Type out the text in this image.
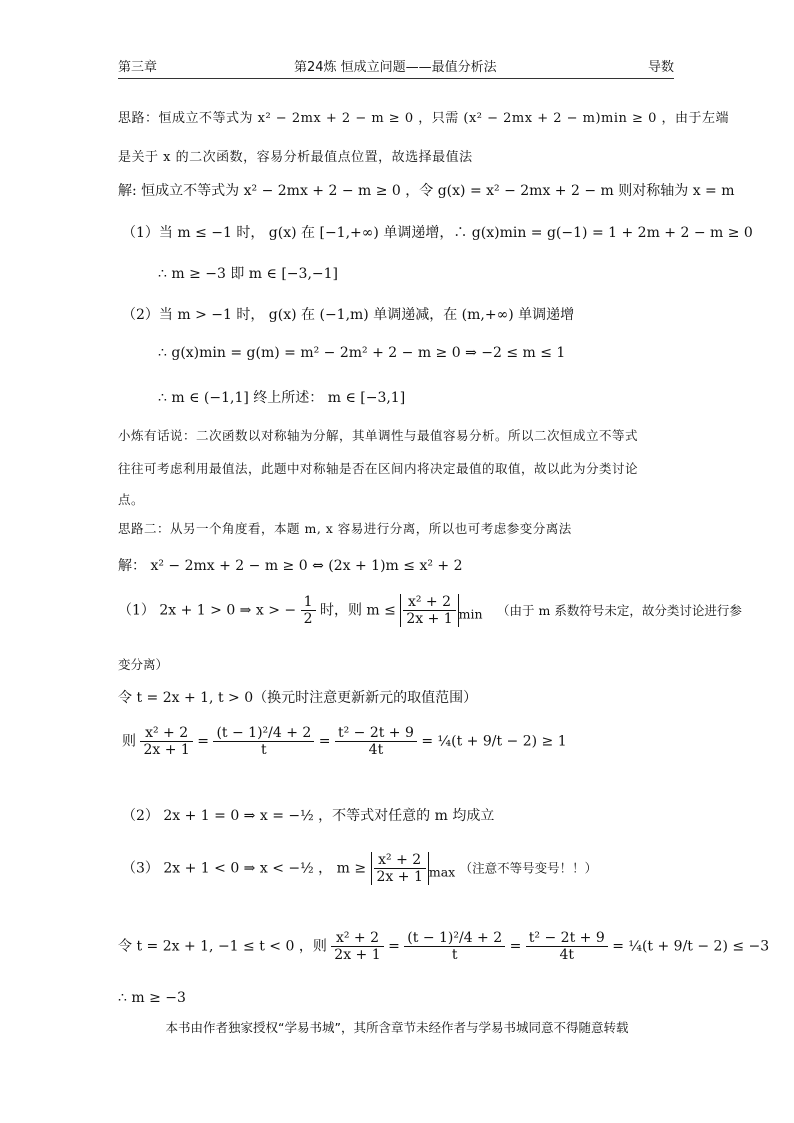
第三章	第24炼 恒成立问题——最值分析法	导数
思路：恒成立不等式为 x² − 2mx + 2 − m ≥ 0 ，只需 (x² − 2mx + 2 − m)min ≥ 0 ，由于左端
是关于 x 的二次函数，容易分析最值点位置，故选择最值法
解: 恒成立不等式为 x² − 2mx + 2 − m ≥ 0 ，令 g(x) = x² − 2mx + 2 − m 则对称轴为 x = m
（1）当 m ≤ −1 时， g(x) 在 [−1,+∞) 单调递增，∴ g(x)min = g(−1) = 1 + 2m + 2 − m ≥ 0
∴ m ≥ −3 即 m ∈ [−3,−1]
（2）当 m > −1 时， g(x) 在 (−1,m) 单调递减，在 (m,+∞) 单调递增
∴ g(x)min = g(m) = m² − 2m² + 2 − m ≥ 0 ⇒ −2 ≤ m ≤ 1
∴ m ∈ (−1,1] 终上所述： m ∈ [−3,1]
小炼有话说：二次函数以对称轴为分解，其单调性与最值容易分析。所以二次恒成立不等式
往往可考虑利用最值法，此题中对称轴是否在区间内将决定最值的取值，故以此为分类讨论
点。
思路二：从另一个角度看，本题 m, x 容易进行分离，所以也可考虑参变分离法
解： x² − 2mx + 2 − m ≥ 0 ⇔ (2x + 1)m ≤ x² + 2
（1） 2x + 1 > 0 ⇒ x > − $\frac{1}{2}$ 时，则 $m \le \frac{\text{x² + 2}}{2x + 1} _{min}$ （由于 m 系数符号未定，故分类讨论进行参
变分离）
令 t = 2x + 1, t > 0（换元时注意更新新元的取值范围）
则 $\frac{\text{x² + 2}}{2x + 1} = \frac{\text{(t − 1)²/4 + 2}}{t} = \frac{\text{t² − 2t + 9}}{4t}$ = ¼(t + 9/t − 2) ≥ 1
（2） 2x + 1 = 0 ⇒ x = −½ ，不等式对任意的 m 均成立
（3） 2x + 1 < 0 ⇒ x < −½ ， $m \ge \frac{\text{x² + 2}}{2x + 1} _{max}$ （注意不等号变号！！）
令 t = 2x + 1, −1 ≤ t < 0 ，则 $\frac{\text{x² + 2}}{2x + 1} = \frac{\text{(t − 1)²/4 + 2}}{t} = \frac{\text{t² − 2t + 9}}{4t}$ = ¼(t + 9/t − 2) ≤ −3
∴ m ≥ −3
本书由作者独家授权“学易书城”，其所含章节未经作者与学易书城同意不得随意转载
